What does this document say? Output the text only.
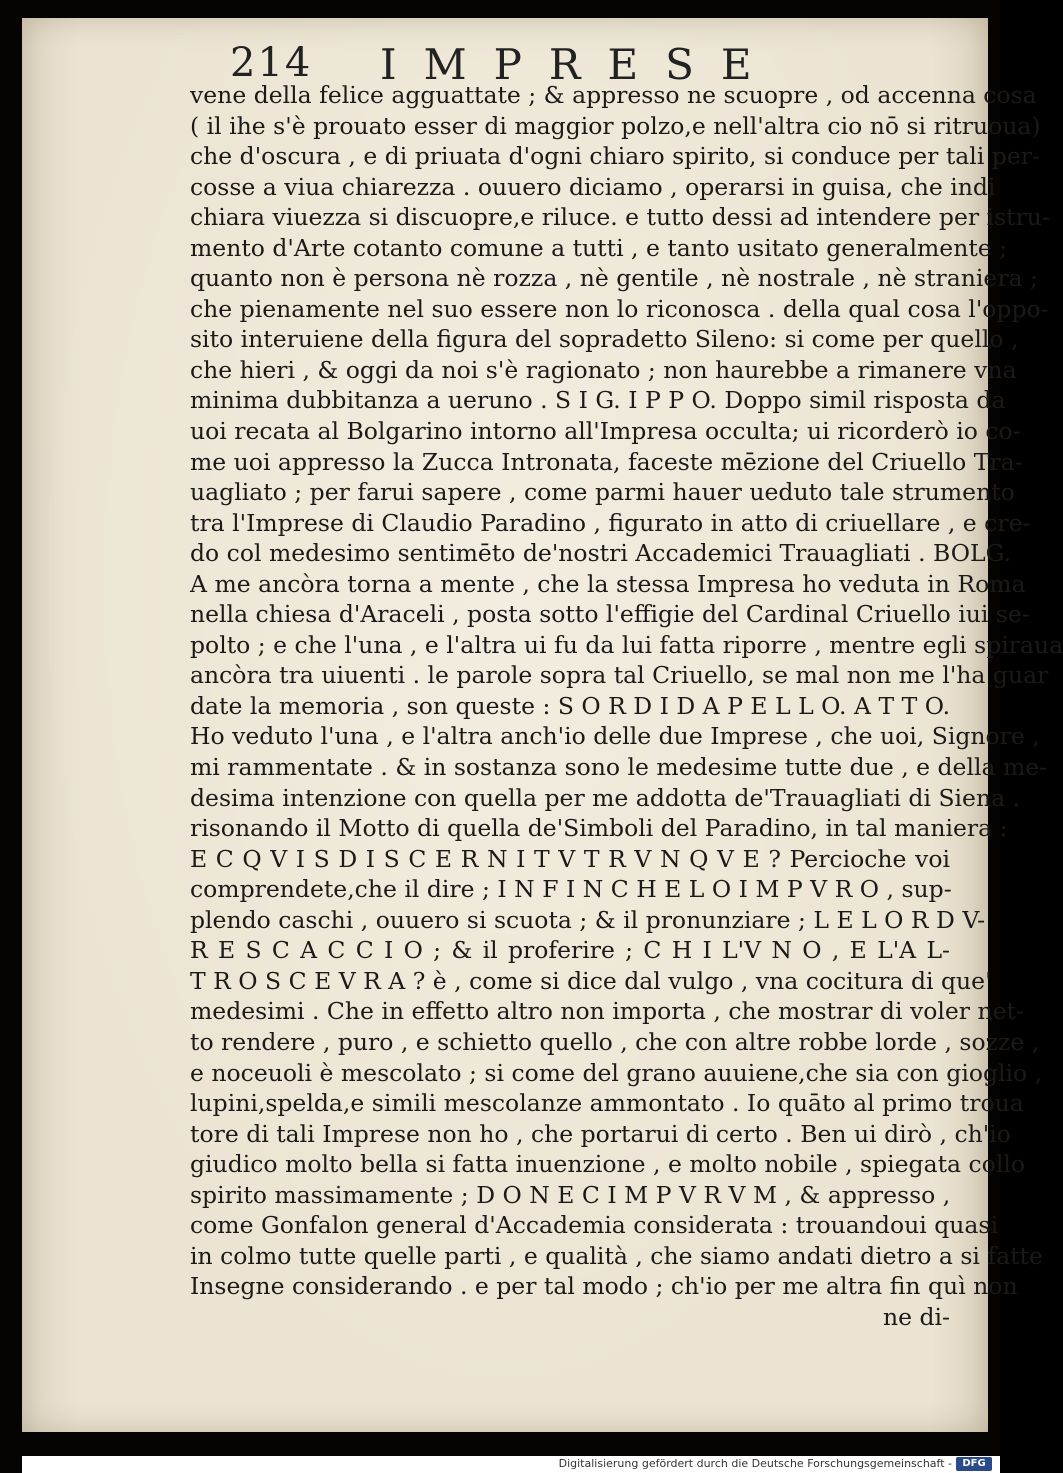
214 IMPRESE
vene della felice agguattate ; & appresso ne scuopre , od accenna cosa
( il ihe s'è prouato esser di maggior polzo,e nell'altra cio nō si ritruoua)
che d'oscura , e di priuata d'ogni chiaro spirito, si conduce per tali per-
cosse a viua chiarezza . ouuero diciamo , operarsi in guisa, che indi
chiara viuezza si discuopre,e riluce. e tutto dessi ad intendere per istru-
mento d'Arte cotanto comune a tutti , e tanto usitato generalmente ;
quanto non è persona nè rozza , nè gentile , nè nostrale , nè straniera ;
che pienamente nel suo essere non lo riconosca . della qual cosa l'oppo-
sito interuiene della figura del sopradetto Sileno: si come per quello ,
che hieri , & oggi da noi s'è ragionato ; non haurebbe a rimanere vna
minima dubbitanza a ueruno . S I G. I P P O. Doppo simil risposta da
uoi recata al Bolgarino intorno all'Impresa occulta; ui ricorderò io co-
me uoi appresso la Zucca Intronata, faceste mēzione del Criuello Tra-
uagliato ; per farui sapere , come parmi hauer ueduto tale strumento
tra l'Imprese di Claudio Paradino , figurato in atto di criuellare , e cre-
do col medesimo sentimēto de'nostri Accademici Trauagliati . BOLG.
A me ancòra torna a mente , che la stessa Impresa ho veduta in Roma
nella chiesa d'Araceli , posta sotto l'effigie del Cardinal Criuello iui se-
polto ; e che l'una , e l'altra ui fu da lui fatta riporre , mentre egli spiraua
ancòra tra uiuenti . le parole sopra tal Criuello, se mal non me l'ha guar
date la memoria , son queste : S O R D I D A P E L L O. A T T O.
Ho veduto l'una , e l'altra anch'io delle due Imprese , che uoi, Signore ,
mi rammentate . & in sostanza sono le medesime tutte due , e della me-
desima intenzione con quella per me addotta de'Trauagliati di Siena .
risonando il Motto di quella de'Simboli del Paradino, in tal maniera :
E C Q V I S D I S C E R N I T V T R V N Q V E ? Percioche voi
comprendete,che il dire ; I N F I N C H E L O I M P V R O , sup-
plendo caschi , ouuero si scuota ; & il pronunziare ; L E L O R D V-
R E S C A C C I O ; & il proferire ; C H I L'V N O , E L'A L-
T R O S C E V R A ? è , come si dice dal vulgo , vna cocitura di que'
medesimi . Che in effetto altro non importa , che mostrar di voler net-
to rendere , puro , e schietto quello , che con altre robbe lorde , sozze ,
e noceuoli è mescolato ; si come del grano auuiene,che sia con gioglio ,
lupini,spelda,e simili mescolanze ammontato . Io quāto al primo troua
tore di tali Imprese non ho , che portarui di certo . Ben ui dirò , ch'io
giudico molto bella si fatta inuenzione , e molto nobile , spiegata collo
spirito massimamente ; D O N E C I M P V R V M , & appresso ,
come Gonfalon general d'Accademia considerata : trouandoui quasi
in colmo tutte quelle parti , e qualità , che siamo andati dietro a si fatte
Insegne considerando . e per tal modo ; ch'io per me altra fin quì non
ne di-
Digitalisierung gefördert durch die Deutsche Forschungsgemeinschaft -	DFG
